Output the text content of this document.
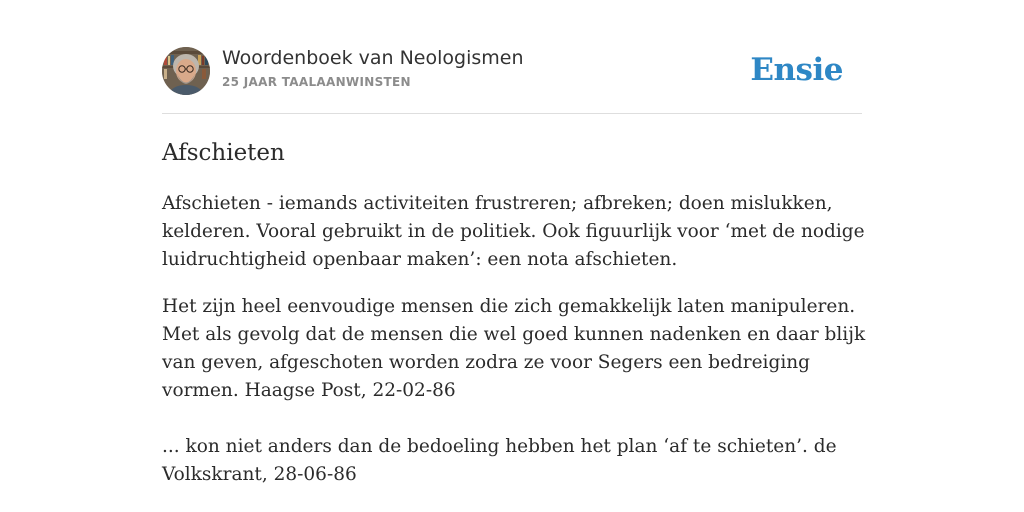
Woordenboek van Neologismen
25 JAAR TAALAANWINSTEN	Ensie
Afschieten

Afschieten - iemands activiteiten frustreren; afbreken; doen mislukken, kelderen. Vooral gebruikt in de politiek. Ook figuurlijk voor ‘met de nodige luidruchtigheid openbaar maken’: een nota afschieten.

Het zijn heel eenvoudige mensen die zich gemakkelijk laten manipuleren. Met als gevolg dat de mensen die wel goed kunnen nadenken en daar blijk van geven, afgeschoten worden zodra ze voor Segers een bedreiging vormen. Haagse Post, 22-02-86

... kon niet anders dan de bedoeling hebben het plan ‘af te schieten’. de Volkskrant, 28-06-86
